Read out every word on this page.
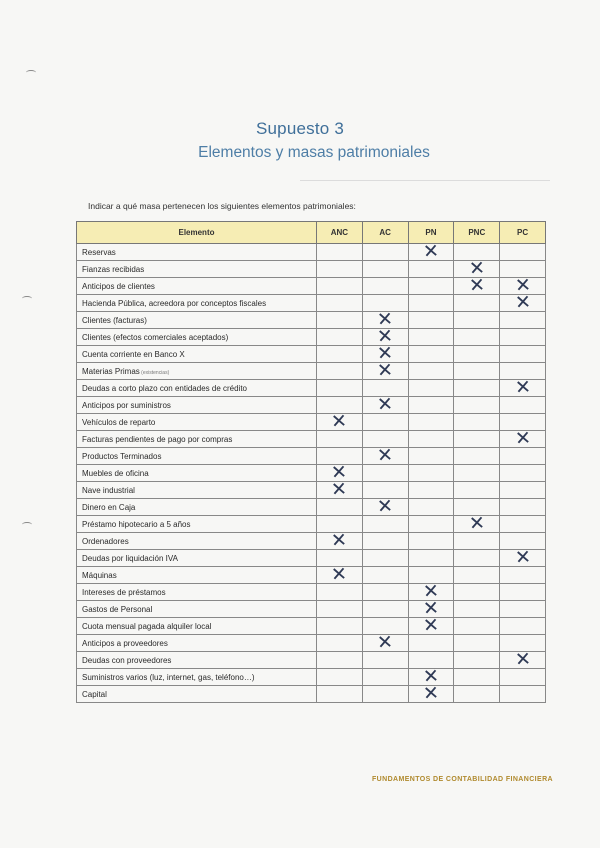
Supuesto 3
Elementos y masas patrimoniales
Indicar a qué masa pertenecen los siguientes elementos patrimoniales:
Elemento	ANC	AC	PN	PNC	PC
Reservas			✕		

Fianzas recibidas				✕	

Anticipos de clientes				✕	✕

Hacienda Pública, acreedora por conceptos fiscales					✕

Clientes (facturas)		✕			

Clientes (efectos comerciales aceptados)		✕			

Cuenta corriente en Banco X		✕			

Materias Primas (existencias)		✕			

Deudas a corto plazo con entidades de crédito					✕

Anticipos por suministros		✕			

Vehículos de reparto	✕				

Facturas pendientes de pago por compras					✕

Productos Terminados		✕			

Muebles de oficina	✕				

Nave industrial	✕				

Dinero en Caja		✕			

Préstamo hipotecario a 5 años				✕	

Ordenadores	✕				

Deudas por liquidación IVA					✕

Máquinas	✕				

Intereses de préstamos			✕		

Gastos de Personal			✕		

Cuota mensual pagada alquiler local			✕		

Anticipos a proveedores		✕			

Deudas con proveedores					✕

Suministros varios (luz, internet, gas, teléfono…)			✕		

Capital			✕		

FUNDAMENTOS DE CONTABILIDAD FINANCIERA
